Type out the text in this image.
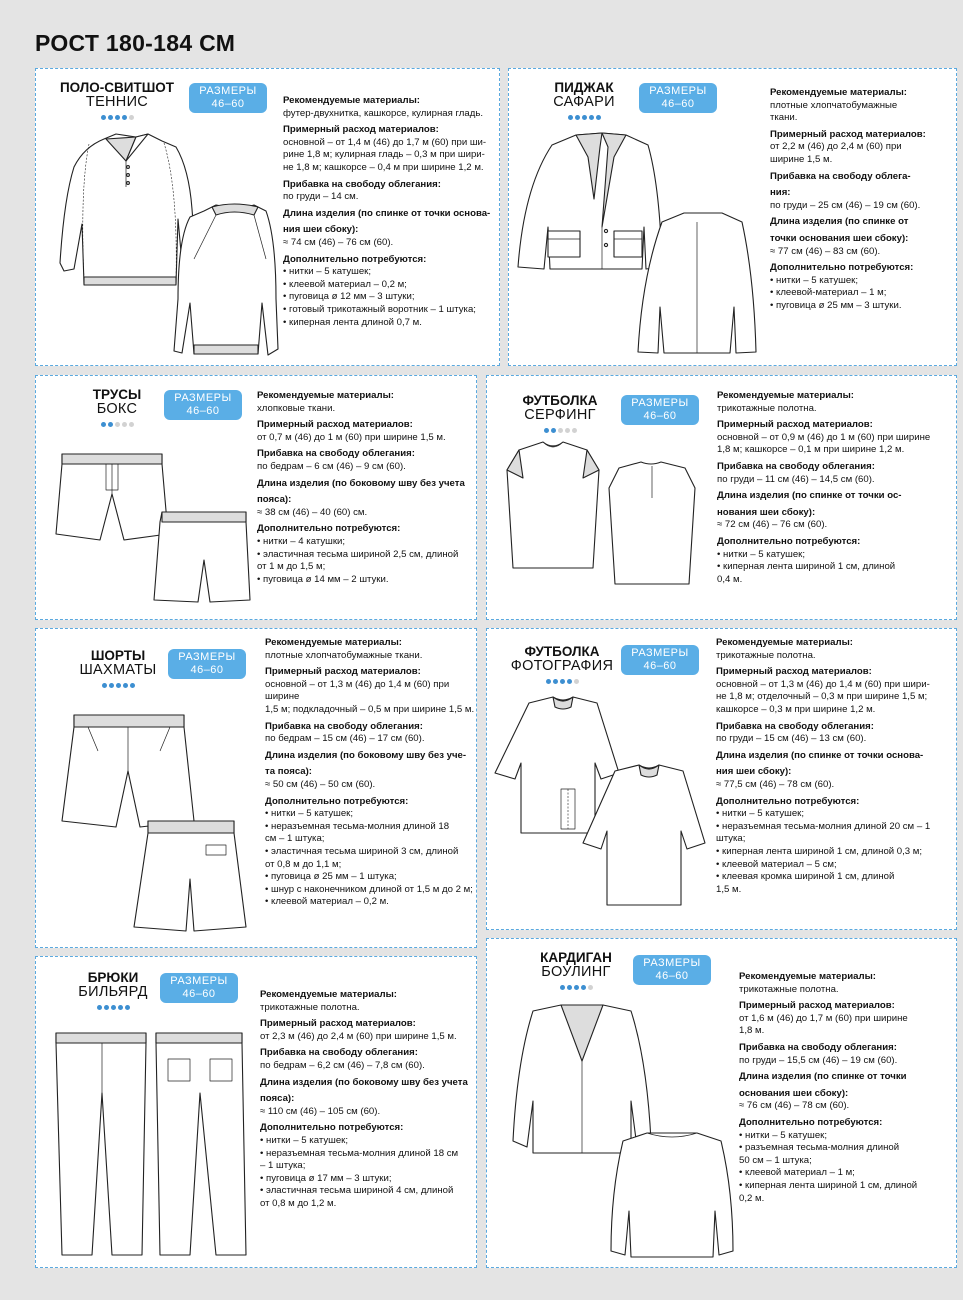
РОСТ 180-184 СМ
ПОЛО-СВИТШОТ
ТЕННИС
РАЗМЕРЫ
46–60	Рекомендуемые материалы:
футер-двухнитка, кашкорсе, кулирная гладь.
Примерный расход материалов:
основной – от 1,4 м (46) до 1,7 м (60) при ши-
рине 1,8 м; кулирная гладь – 0,3 м при шири-
не 1,8 м; кашкорсе – 0,4 м при ширине 1,2 м.
Прибавка на свободу облегания:
по груди – 14 см.
Длина изделия (по спинке от точки основа-
ния шеи сбоку):
≈ 74 см (46) – 76 см (60).
Дополнительно потребуются:
• нитки – 5 катушек;
• клеевой материал – 0,2 м;
• пуговица ø 12 мм – 3 штуки;
• готовый трикотажный воротник – 1 штука;
• киперная лента длиной 0,7 м.
ПИДЖАК
САФАРИ
РАЗМЕРЫ
46–60
Рекомендуемые материалы:
плотные хлопчатобумажные
ткани.
Примерный расход материалов:
от 2,2 м (46) до 2,4 м (60) при
ширине 1,5 м.
Прибавка на свободу облега-
ния:
по груди – 25 см (46) – 19 см (60).
Длина изделия (по спинке от
точки основания шеи сбоку):
≈ 77 см (46) – 83 см (60).
Дополнительно потребуются:
• нитки – 5 катушек;
• клеевой-материал – 1 м;
• пуговица ø 25 мм – 3 штуки.
ТРУСЫ
БОКС
РАЗМЕРЫ
46–60
Рекомендуемые материалы:
хлопковые ткани.
Примерный расход материалов:
от 0,7 м (46) до 1 м (60) при ширине 1,5 м.
Прибавка на свободу облегания:
по бедрам – 6 см (46) – 9 см (60).
Длина изделия (по боковому шву без учета
пояса):
≈ 38 см (46) – 40 (60) см.
Дополнительно потребуются:
• нитки – 4 катушки;
• эластичная тесьма шириной 2,5 см, длиной
от 1 м до 1,5 м;
• пуговица ø 14 мм – 2 штуки.
ФУТБОЛКА
СЕРФИНГ
РАЗМЕРЫ
46–60
Рекомендуемые материалы:
трикотажные полотна.
Примерный расход материалов:
основной – от 0,9 м (46) до 1 м (60) при ширине
1,8 м; кашкорсе – 0,1 м при ширине 1,2 м.
Прибавка на свободу облегания:
по груди – 11 см (46) – 14,5 см (60).
Длина изделия (по спинке от точки ос-
нования шеи сбоку):
≈ 72 см (46) – 76 см (60).
Дополнительно потребуются:
• нитки – 5 катушек;
• киперная лента шириной 1 см, длиной
0,4 м.
ШОРТЫ
ШАХМАТЫ
РАЗМЕРЫ
46–60
Рекомендуемые материалы:
плотные хлопчатобумажные ткани.
Примерный расход материалов:
основной – от 1,3 м (46) до 1,4 м (60) при ширине
1,5 м; подкладочный – 0,5 м при ширине 1,5 м.
Прибавка на свободу облегания:
по бедрам – 15 см (46) – 17 см (60).
Длина изделия (по боковому шву без уче-
та пояса):
≈ 50 см (46) – 50 см (60).
Дополнительно потребуются:
• нитки – 5 катушек;
• неразъемная тесьма-молния длиной 18
см – 1 штука;
• эластичная тесьма шириной 3 см, длиной
от 0,8 м до 1,1 м;
• пуговица ø 25 мм – 1 штука;
• шнур с наконечником длиной от 1,5 м до 2 м;
• клеевой материал – 0,2 м.
ФУТБОЛКА
ФОТОГРАФИЯ
РАЗМЕРЫ
46–60
Рекомендуемые материалы:
трикотажные полотна.
Примерный расход материалов:
основной – от 1,3 м (46) до 1,4 м (60) при шири-
не 1,8 м; отделочный – 0,3 м при ширине 1,5 м;
кашкорсе – 0,3 м при ширине 1,2 м.
Прибавка на свободу облегания:
по груди – 15 см (46) – 13 см (60).
Длина изделия (по спинке от точки основа-
ния шеи сбоку):
≈ 77,5 см (46) – 78 см (60).
Дополнительно потребуются:
• нитки – 5 катушек;
• неразъемная тесьма-молния длиной 20 см – 1
штука;
• киперная лента шириной 1 см, длиной 0,3 м;
• клеевой материал – 5 см;
• клеевая кромка шириной 1 см, длиной
1,5 м.
БРЮКИ
БИЛЬЯРД
РАЗМЕРЫ
46–60	Рекомендуемые материалы:
трикотажные полотна.
Примерный расход материалов:
от 2,3 м (46) до 2,4 м (60) при ширине 1,5 м.
Прибавка на свободу облегания:
по бедрам – 6,2 см (46) – 7,8 см (60).
Длина изделия (по боковому шву без учета
пояса):
≈ 110 см (46) – 105 см (60).
Дополнительно потребуются:
• нитки – 5 катушек;
• неразъемная тесьма-молния длиной 18 см
– 1 штука;
• пуговица ø 17 мм – 3 штуки;
• эластичная тесьма шириной 4 см, длиной
от 0,8 м до 1,2 м.
КАРДИГАН
БОУЛИНГ
РАЗМЕРЫ
46–60	Рекомендуемые материалы:
трикотажные полотна.
Примерный расход материалов:
от 1,6 м (46) до 1,7 м (60) при ширине
1,8 м.
Прибавка на свободу облегания:
по груди – 15,5 см (46) – 19 см (60).
Длина изделия (по спинке от точки
основания шеи сбоку):
≈ 76 см (46) – 78 см (60).
Дополнительно потребуются:
• нитки – 5 катушек;
• разъемная тесьма-молния длиной
50 см – 1 штука;
• клеевой материал – 1 м;
• киперная лента шириной 1 см, длиной
0,2 м.
